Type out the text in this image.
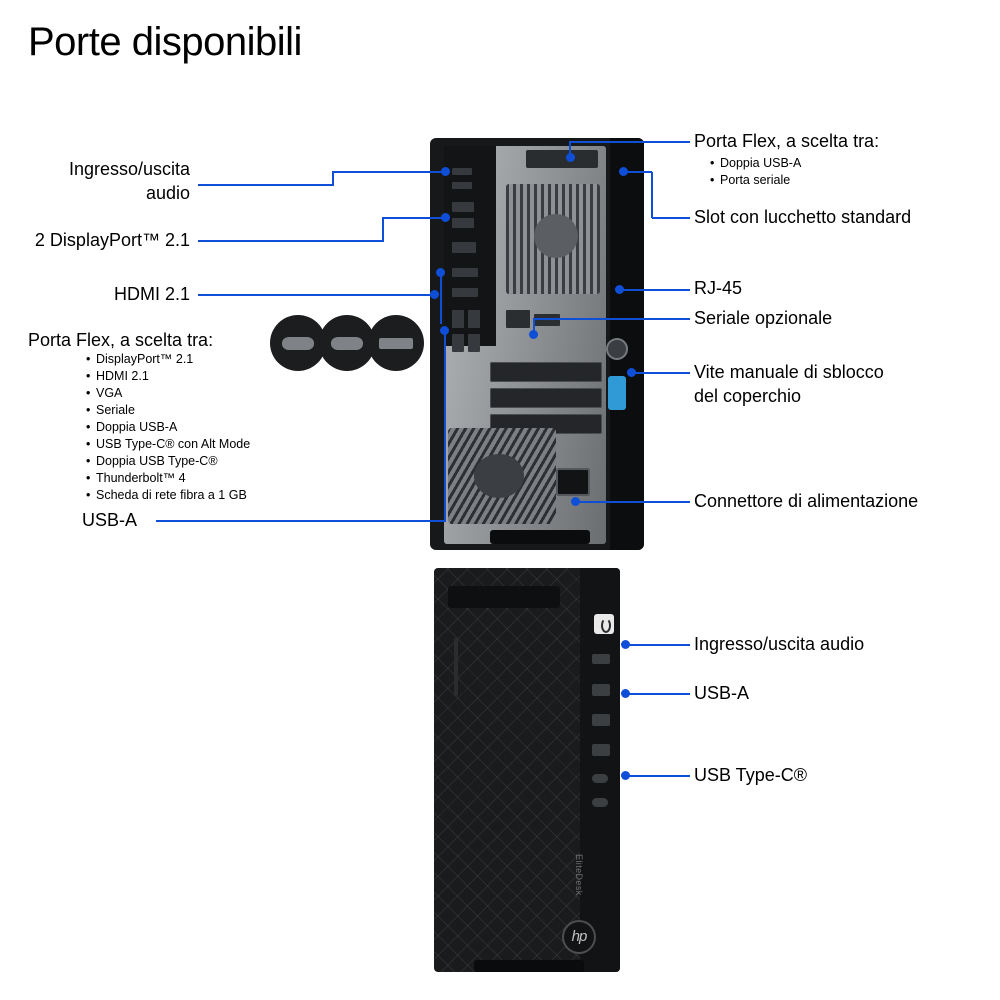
Porte disponibili
EliteDesk
hp
Ingresso/uscita
audio
2 DisplayPort™ 2.1
HDMI 2.1
Porta Flex, a scelta tra:
• DisplayPort™ 2.1
• HDMI 2.1
• VGA
• Seriale
• Doppia USB-A
• USB Type-C® con Alt Mode
• Doppia USB Type-C®
• Thunderbolt™ 4
• Scheda di rete fibra a 1 GB
USB-A
Porta Flex, a scelta tra:
• Doppia USB-A
• Porta seriale
Slot con lucchetto standard
RJ-45
Seriale opzionale
Vite manuale di sblocco
del coperchio
Connettore di alimentazione
Ingresso/uscita audio
USB-A
USB Type-C®
